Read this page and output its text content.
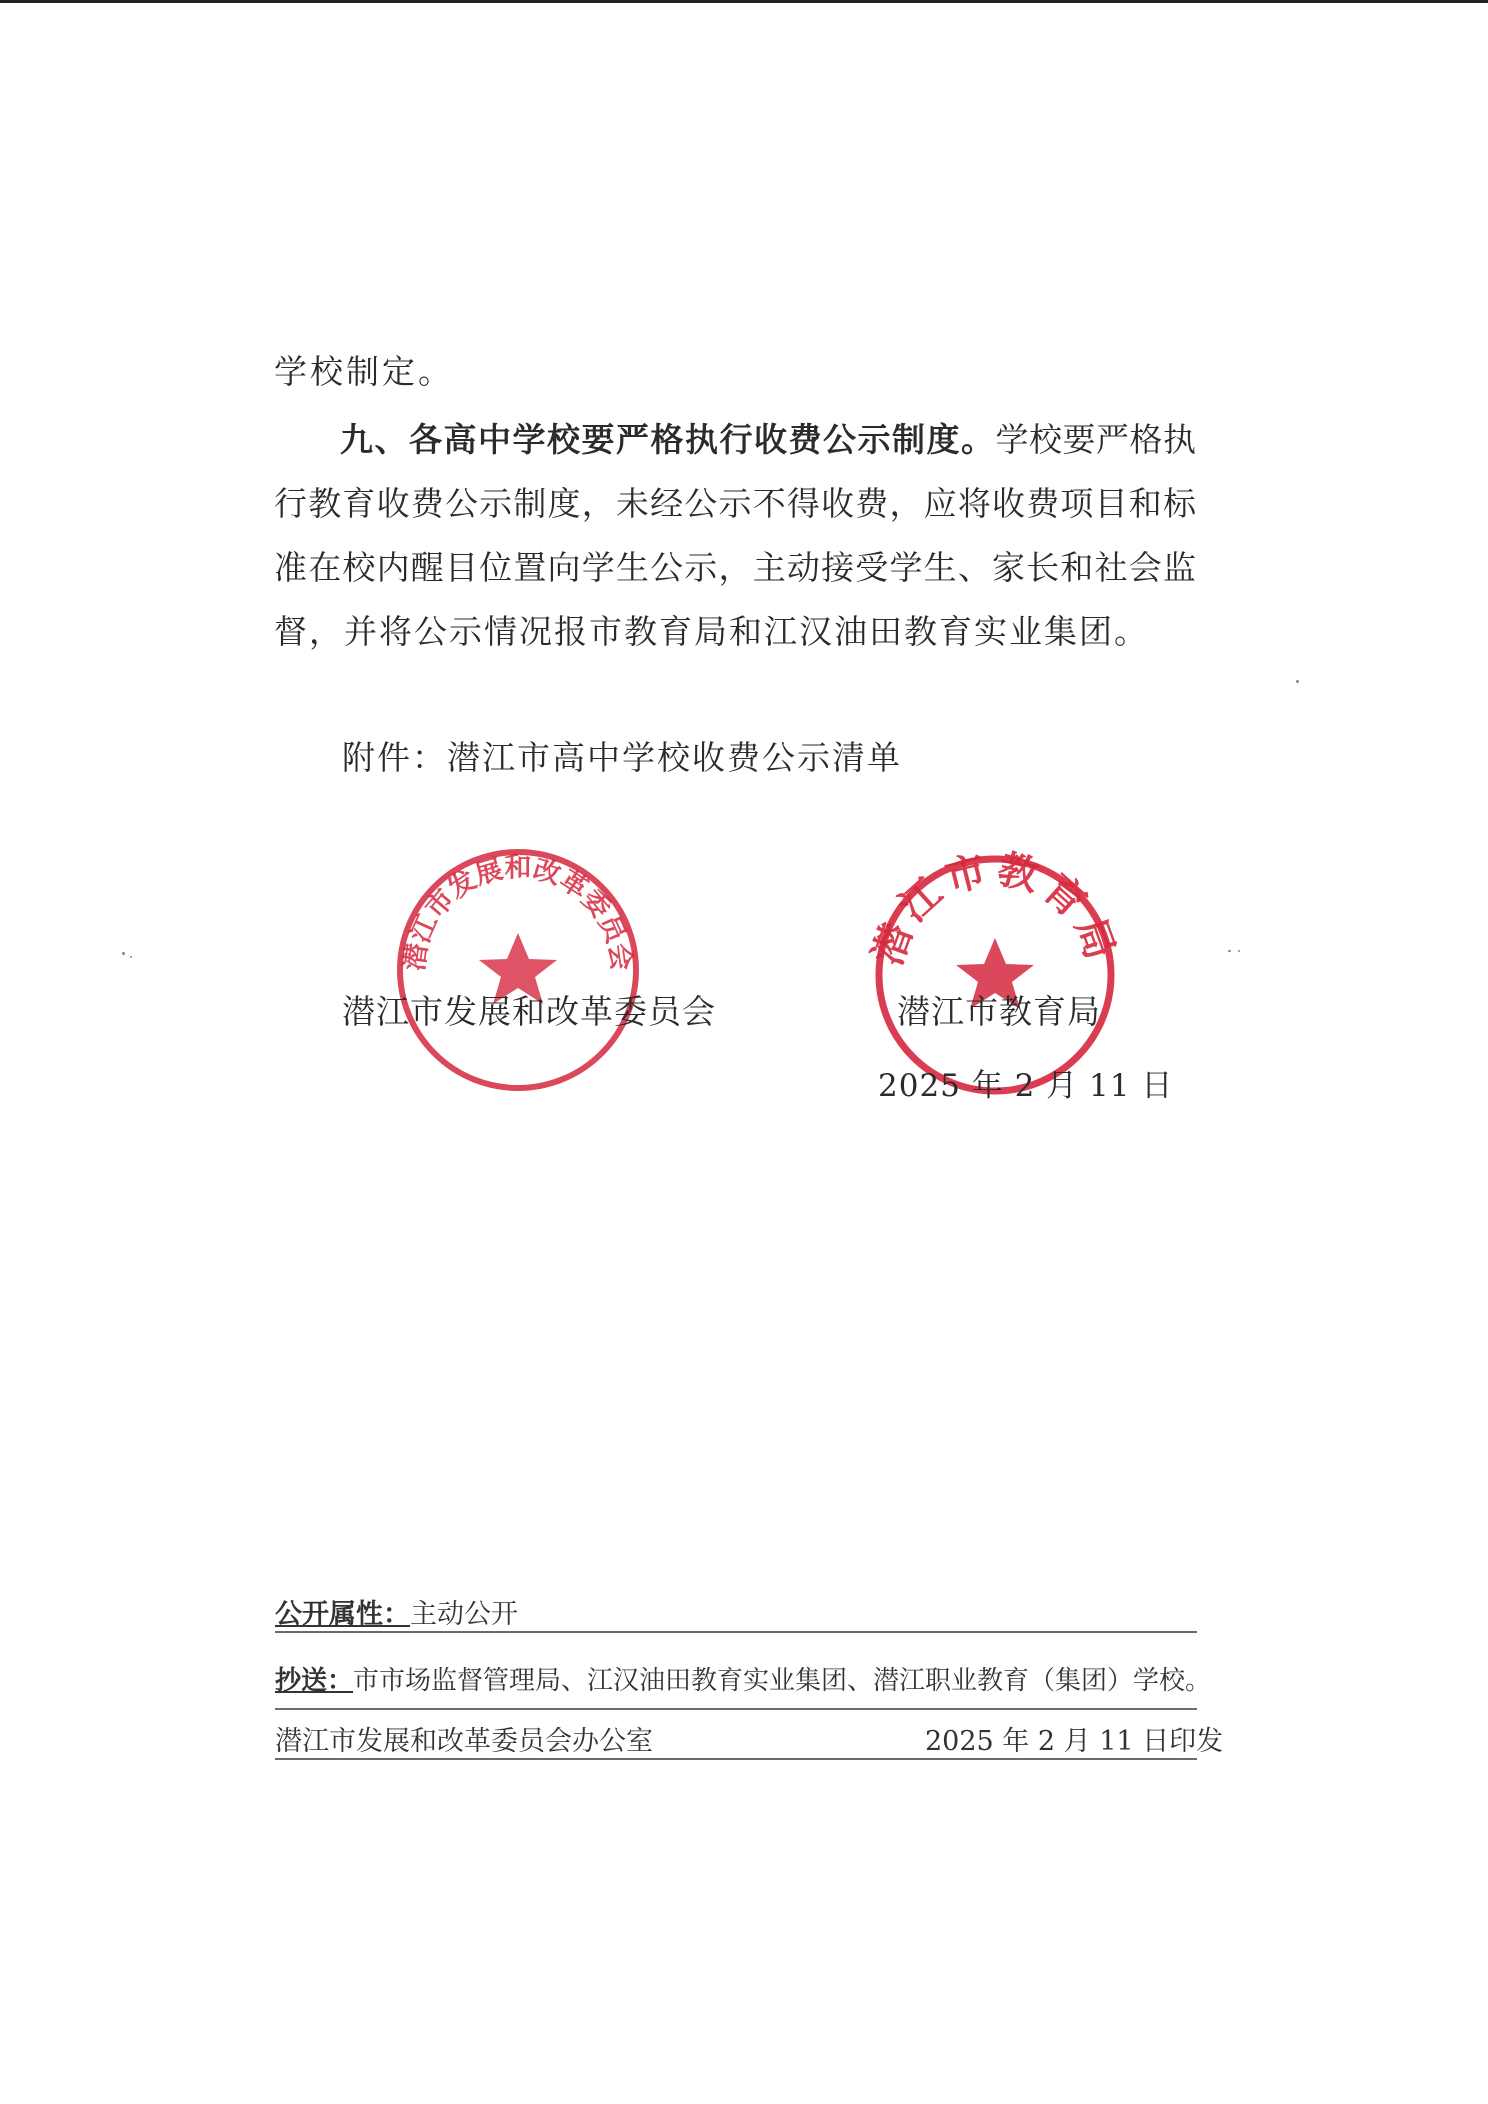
学校制定。
九、各高中学校要严格执行收费公示制度。学校要严格执
行教育收费公示制度，未经公示不得收费，应将收费项目和标
准在校内醒目位置向学生公示，主动接受学生、家长和社会监
督，并将公示情况报市教育局和江汉油田教育实业集团。
附件：潜江市高中学校收费公示清单
潜江市发展和改革委员会	潜江市教育局
潜江市发展和改革委员会	潜江市教育局
2025 年 2 月 11 日
公开属性：主动公开
抄送：市市场监督管理局、江汉油田教育实业集团、潜江职业教育（集团）学校。
潜江市发展和改革委员会办公室	2025 年 2 月 11 日印发
